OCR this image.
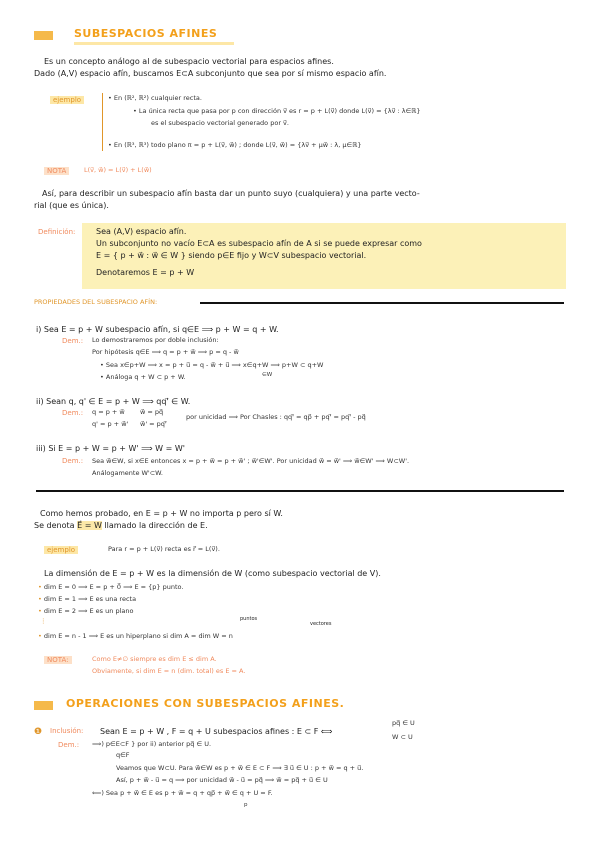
2.4 SUBESPACIOS AFINES
Es un concepto análogo al de subespacio vectorial para espacios afines.
Dado (A,V) espacio afín, buscamos E⊂A subconjunto que sea por sí mismo espacio afín.
ejemplo	• En (ℝ², ℝ²) cualquier recta.
• La única recta que pasa por p con dirección v⃗ es r = p + L(v⃗) donde L(v⃗) = {λv⃗ : λ∈ℝ}
es el subespacio vectorial generado por v⃗.
• En (ℝ³, ℝ³) todo plano π = p + L(v⃗, w⃗) ; donde L(v⃗, w⃗) = {λv⃗ + μw⃗ : λ, μ∈ℝ}
NOTA	L(v⃗, w⃗) = L(v⃗) + L(w⃗)
Así, para describir un subespacio afín basta dar un punto suyo (cualquiera) y una parte vecto-
rial (que es única).
Definición:	Sea (A,V) espacio afín.
Un subconjunto no vacío E⊂A es subespacio afín de A si se puede expresar como
E = { p + w⃗ : w⃗ ∈ W } siendo p∈E fijo y W⊂V subespacio vectorial.
Denotaremos E = p + W
PROPIEDADES DEL SUBESPACIO AFÍN:
i) Sea E = p + W subespacio afín, si q∈E ⟹ p + W = q + W.
Dem.: Lo demostraremos por doble inclusión:
Por hipótesis q∈E ⟹ q = p + w⃗ ⟹ p = q - w⃗
• Sea x∈p+W ⟹ x = p + u⃗ = q - w⃗ + u⃗ ⟹ x∈q+W ⟹ p+W ⊂ q+W
∈W
• Análoga q + W ⊂ p + W.
ii) Sean q, q' ∈ E = p + W ⟹ qq'⃗ ∈ W.
Dem.: q = p + w⃗ w⃗ = pq⃗
q' = p + w⃗' w⃗' = pq'⃗
por unicidad ⟹ Por Chasles : qq'⃗ = qp⃗ + pq'⃗ = pq'⃗ - pq⃗
iii) Si E = p + W = p + W' ⟹ W = W'
Dem.: Sea w⃗∈W, si x∈E entonces x = p + w⃗ = p + w⃗' ; w⃗'∈W'. Por unicidad w⃗ = w⃗' ⟹ w⃗∈W' ⟹ W⊂W'.
Análogamente W'⊂W.
Como hemos probado, en E = p + W no importa p pero sí W.
Se denota E⃗ = W llamado la dirección de E.
ejemplo	Para r = p + L(v⃗) recta es r⃗ = L(v⃗).
La dimensión de E = p + W es la dimensión de W (como subespacio vectorial de V).
• dim E = 0 ⟹ E = p + 0⃗ ⟹ E = {p} punto.
• dim E = 1 ⟹ E es una recta
• dim E = 2 ⟹ E es un plano
⋮
• dim E = n - 1 ⟹ E es un hiperplano si dim A = dim W = n
puntos
vectores
NOTA:	Como E≠∅ siempre es dim E ≤ dim A.
Obviamente, si dim E = n (dim. total) es E = A.
2.5 OPERACIONES CON SUBESPACIOS AFINES.
❶ Inclusión: Sean E = p + W , F = q + U subespacios afines : E ⊂ F ⟺
pq⃗ ∈ U
W ⊂ U
Dem.: ⟹) p∈E⊂F } por ii) anterior pq⃗ ∈ U.
q∈F
Veamos que W⊂U. Para w⃗∈W es p + w⃗ ∈ E ⊂ F ⟹ ∃ u⃗ ∈ U : p + w⃗ = q + u⃗.
Así, p + w⃗ - u⃗ = q ⟹ por unicidad w⃗ - u⃗ = pq⃗ ⟹ w⃗ = pq⃗ + u⃗ ∈ U
⟸) Sea p + w⃗ ∈ E es p + w⃗ = q + qp⃗ + w⃗ ∈ q + U = F.
p
